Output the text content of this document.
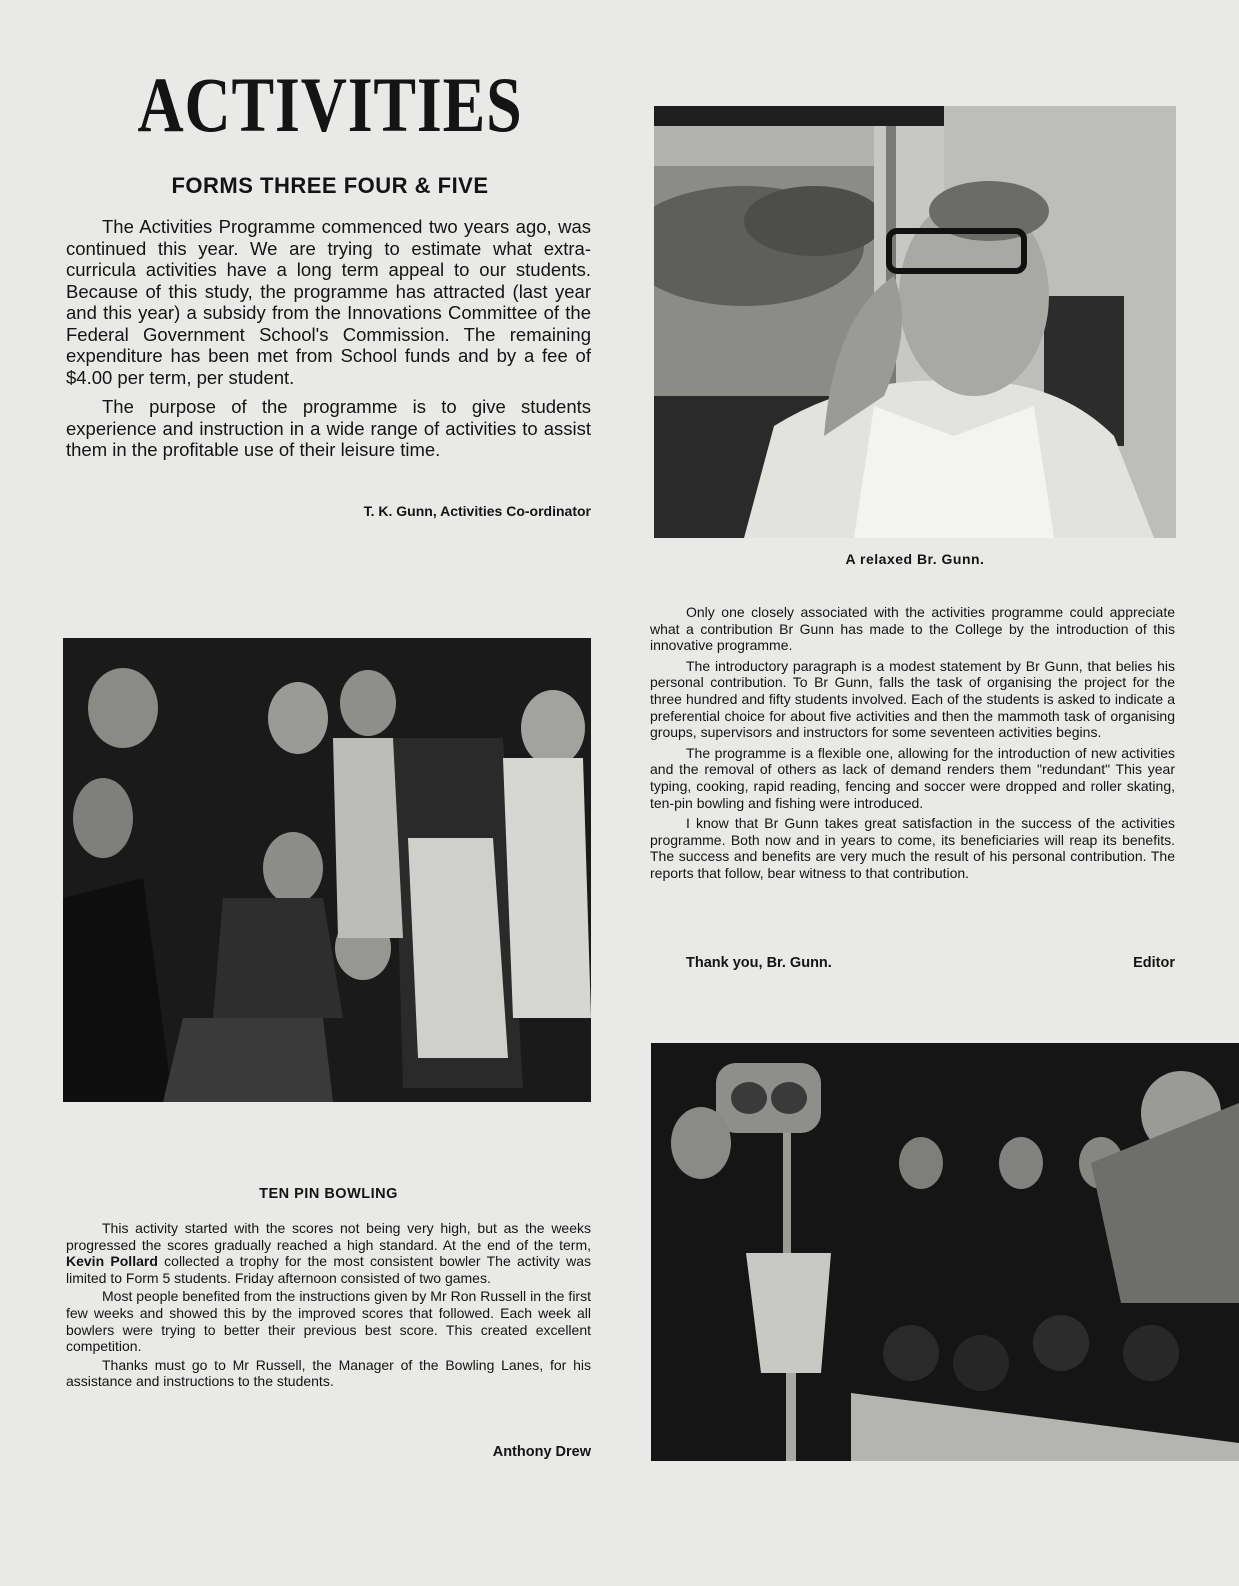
ACTIVITIES
FORMS THREE FOUR & FIVE

The Activities Programme commenced two years ago, was continued this year. We are trying to estimate what extra-curricula activities have a long term appeal to our students. Because of this study, the programme has attracted (last year and this year) a subsidy from the Innovations Committee of the Federal Government School's Commission. The remaining expenditure has been met from School funds and by a fee of $4.00 per term, per student.

The purpose of the programme is to give students experience and instruction in a wide range of activities to assist them in the profitable use of their leisure time.

T. K. Gunn, Activities Co-ordinator
A relaxed Br. Gunn.

Only one closely associated with the activities programme could appreciate what a contribution Br Gunn has made to the College by the introduction of this innovative programme.

The introductory paragraph is a modest statement by Br Gunn, that belies his personal contribution. To Br Gunn, falls the task of organising the project for the three hundred and fifty students involved. Each of the students is asked to indicate a preferential choice for about five activities and then the mammoth task of organising groups, supervisors and instructors for some seventeen activities begins.

The programme is a flexible one, allowing for the introduction of new activities and the removal of others as lack of demand renders them "redundant" This year typing, cooking, rapid reading, fencing and soccer were dropped and roller skating, ten-pin bowling and fishing were introduced.

I know that Br Gunn takes great satisfaction in the success of the activities programme. Both now and in years to come, its beneficiaries will reap its benefits. The success and benefits are very much the result of his personal contribution. The reports that follow, bear witness to that contribution.

Thank you, Br. Gunn.	Editor
TEN PIN BOWLING

This activity started with the scores not being very high, but as the weeks progressed the scores gradually reached a high standard. At the end of the term, Kevin Pollard collected a trophy for the most consistent bowler The activity was limited to Form 5 students. Friday afternoon consisted of two games.

Most people benefited from the instructions given by Mr Ron Russell in the first few weeks and showed this by the improved scores that followed. Each week all bowlers were trying to better their previous best score. This created excellent competition.

Thanks must go to Mr Russell, the Manager of the Bowling Lanes, for his assistance and instructions to the students.

Anthony Drew
